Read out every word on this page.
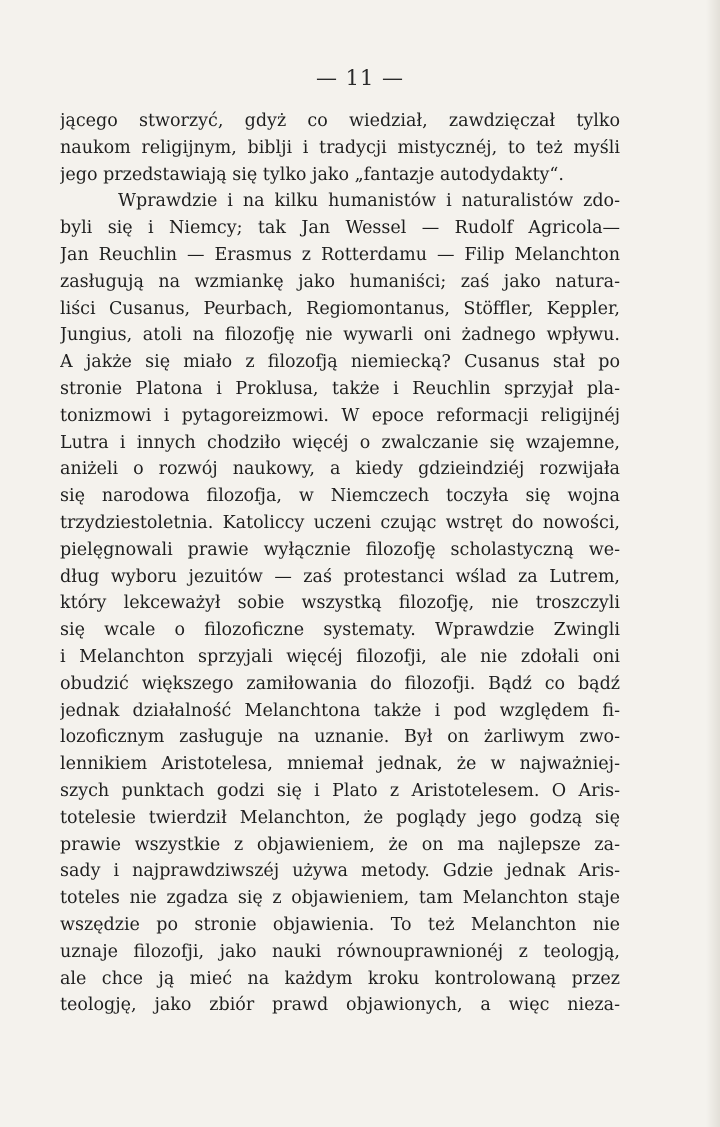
— 11 —
jącego stworzyć, gdyż co wiedział, zawdzięczał tylko
naukom religijnym, biblji i tradycji mistycznéj, to też myśli
jego przedstawiają się tylko jako „fantazje autodydakty“.
Wprawdzie i na kilku humanistów i naturalistów zdo-
byli się i Niemcy; tak Jan Wessel — Rudolf Agricola—
Jan Reuchlin — Erasmus z Rotterdamu — Filip Melanchton
zasługują na wzmiankę jako humaniści; zaś jako natura-
liści Cusanus, Peurbach, Regiomontanus, Stöffler, Keppler,
Jungius, atoli na filozofję nie wywarli oni żadnego wpływu.
A jakże się miało z filozofją niemiecką? Cusanus stał po
stronie Platona i Proklusa, także i Reuchlin sprzyjał pla-
tonizmowi i pytagoreizmowi. W epoce reformacji religijnéj
Lutra i innych chodziło więcéj o zwalczanie się wzajemne,
aniżeli o rozwój naukowy, a kiedy gdzieindziéj rozwijała
się narodowa filozofja, w Niemczech toczyła się wojna
trzydziestoletnia. Katoliccy uczeni czując wstręt do nowości,
pielęgnowali prawie wyłącznie filozofję scholastyczną we-
dług wyboru jezuitów — zaś protestanci wślad za Lutrem,
który lekceważył sobie wszystką filozofję, nie troszczyli
się wcale o filozoficzne systematy. Wprawdzie Zwingli
i Melanchton sprzyjali więcéj filozofji, ale nie zdołali oni
obudzić większego zamiłowania do filozofji. Bądź co bądź
jednak działalność Melanchtona także i pod względem fi-
lozoficznym zasługuje na uznanie. Był on żarliwym zwo-
lennikiem Aristotelesa, mniemał jednak, że w najważniej-
szych punktach godzi się i Plato z Aristotelesem. O Aris-
totelesie twierdził Melanchton, że poglądy jego godzą się
prawie wszystkie z objawieniem, że on ma najlepsze za-
sady i najprawdziwszéj używa metody. Gdzie jednak Aris-
toteles nie zgadza się z objawieniem, tam Melanchton staje
wszędzie po stronie objawienia. To też Melanchton nie
uznaje filozofji, jako nauki równouprawnionéj z teologją,
ale chce ją mieć na każdym kroku kontrolowaną przez
teologję, jako zbiór prawd objawionych, a więc nieza-
